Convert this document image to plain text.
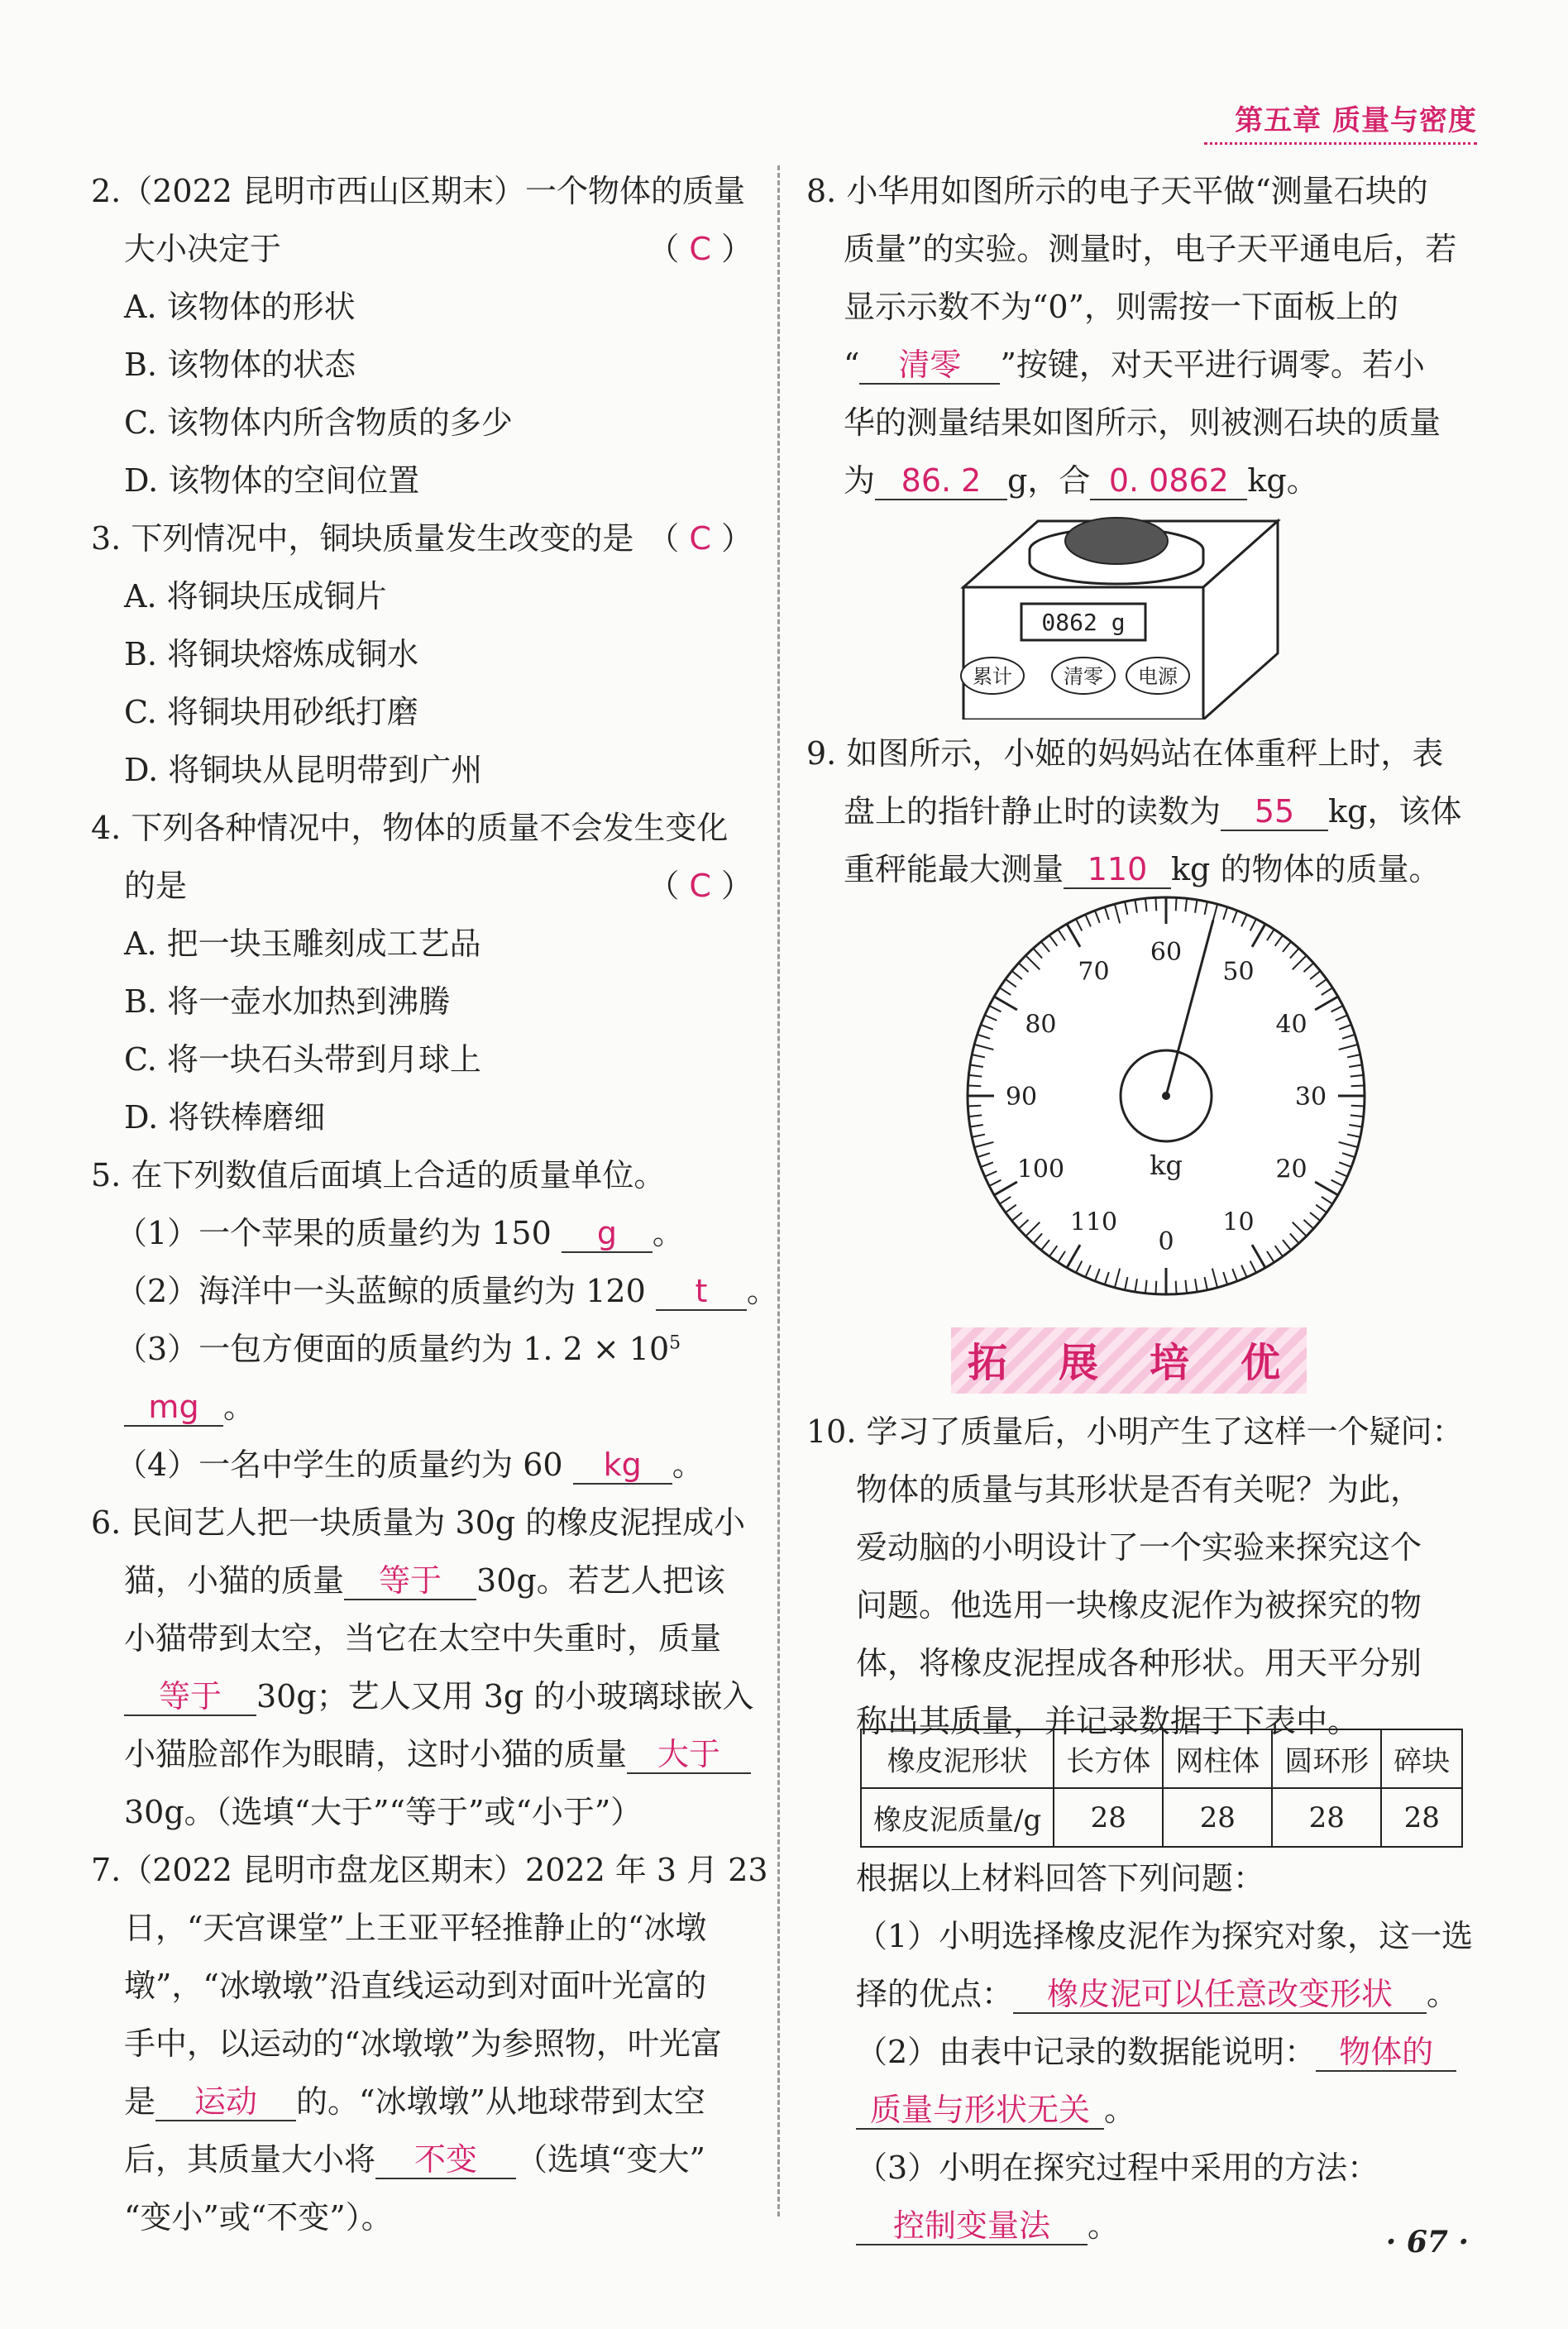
第五章 质量与密度
2.（2022 昆明市西山区期末）一个物体的质量
大小决定于	（ C ）
A. 该物体的形状
B. 该物体的状态
C. 该物体内所含物质的多少
D. 该物体的空间位置
3. 下列情况中，铜块质量发生改变的是 （ C ）
A. 将铜块压成铜片
B. 将铜块熔炼成铜水
C. 将铜块用砂纸打磨
D. 将铜块从昆明带到广州
4. 下列各种情况中，物体的质量不会发生变化
的是	（ C ）
A. 把一块玉雕刻成工艺品
B. 将一壶水加热到沸腾
C. 将一块石头带到月球上
D. 将铁棒磨细
5. 在下列数值后面填上合适的质量单位。
（1）一个苹果的质量约为 150 g 。
（2）海洋中一头蓝鲸的质量约为 120 t 。
（3）一包方便面的质量约为 1. $2 \times 10^5$
mg 。
（4）一名中学生的质量约为 60 kg 。
6. 民间艺人把一块质量为 30g 的橡皮泥捏成小
猫，小猫的质量 等于 30g。若艺人把该
小猫带到太空，当它在太空中失重时，质量
等于 30g；艺人又用 3g 的小玻璃球嵌入
小猫脸部作为眼睛，这时小猫的质量 大于
30g。（选填“大于”“等于”或“小于”）
7.（2022 昆明市盘龙区期末）2022 年 3 月 23
日，“天宫课堂”上王亚平轻推静止的“冰墩
墩”，“冰墩墩”沿直线运动到对面叶光富的
手中，以运动的“冰墩墩”为参照物，叶光富
是 运动 的。“冰墩墩”从地球带到太空
后，其质量大小将 不变 （选填“变大”
“变小”或“不变”）。
8. 小华用如图所示的电子天平做“测量石块的
质量”的实验。测量时，电子天平通电后，若
显示示数不为“0”，则需按一下面板上的
“ 清零 ”按键，对天平进行调零。若小
华的测量结果如图所示，则被测石块的质量
为 86. 2 g，合 0. 0862 kg。
0862 g
累计	清零 电源
9. 如图所示，小姬的妈妈站在体重秤上时，表
盘上的指针静止时的读数为 55 kg，该体
重秤能最大测量 110 kg 的物体的质量。
0
10
20
30
40
50
60
70
80
90
100
110
kg
拓 展 培 优
10. 学习了质量后，小明产生了这样一个疑问：
物体的质量与其形状是否有关呢？为此，
爱动脑的小明设计了一个实验来探究这个
问题。他选用一块橡皮泥作为被探究的物
体，将橡皮泥捏成各种形状。用天平分别
称出其质量，并记录数据于下表中。
橡皮泥形状	长方体	网柱体	圆环形	碎块
橡皮泥质量/g	28	28	28	28
根据以上材料回答下列问题：
（1）小明选择橡皮泥作为探究对象，这一选
择的优点： 橡皮泥可以任意改变形状 。
（2）由表中记录的数据能说明： 物体的
质量与形状无关 。
（3）小明在探究过程中采用的方法：
控制变量法 。	· 67 ·
